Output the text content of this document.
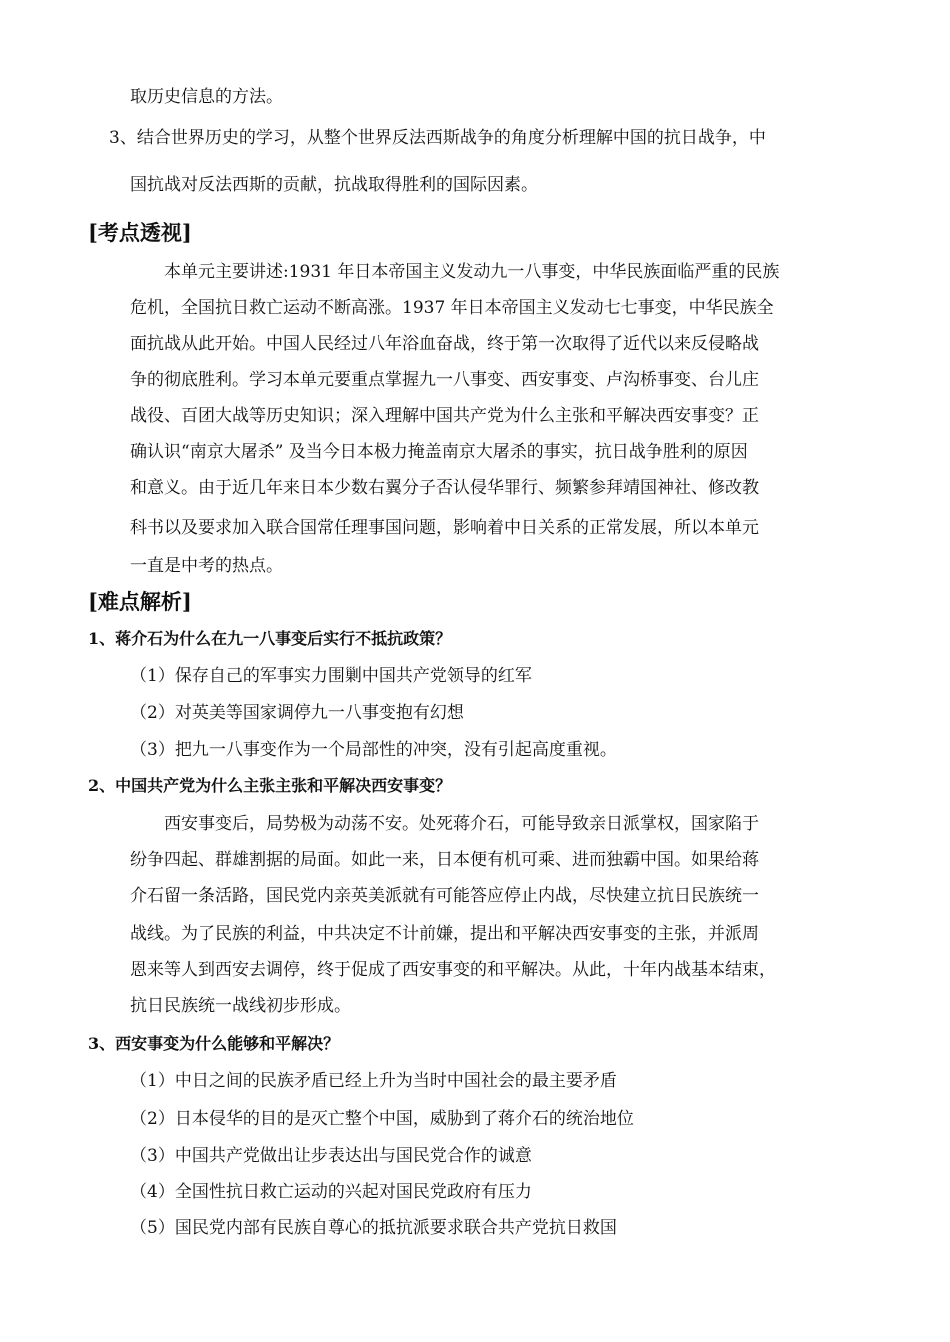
取历史信息的方法。
3、结合世界历史的学习，从整个世界反法西斯战争的角度分析理解中国的抗日战争，中
国抗战对反法西斯的贡献，抗战取得胜利的国际因素。
[考点透视]
本单元主要讲述:1931 年日本帝国主义发动九一八事变，中华民族面临严重的民族
危机，全国抗日救亡运动不断高涨。1937 年日本帝国主义发动七七事变，中华民族全
面抗战从此开始。中国人民经过八年浴血奋战，终于第一次取得了近代以来反侵略战
争的彻底胜利。学习本单元要重点掌握九一八事变、西安事变、卢沟桥事变、台儿庄
战役、百团大战等历史知识；深入理解中国共产党为什么主张和平解决西安事变？正
确认识“南京大屠杀” 及当今日本极力掩盖南京大屠杀的事实，抗日战争胜利的原因
和意义。由于近几年来日本少数右翼分子否认侵华罪行、频繁参拜靖国神社、修改教
科书以及要求加入联合国常任理事国问题，影响着中日关系的正常发展，所以本单元
一直是中考的热点。
[难点解析]
1、蒋介石为什么在九一八事变后实行不抵抗政策？
（1）保存自己的军事实力围剿中国共产党领导的红军
（2）对英美等国家调停九一八事变抱有幻想
（3）把九一八事变作为一个局部性的冲突，没有引起高度重视。
2、中国共产党为什么主张主张和平解决西安事变？
西安事变后，局势极为动荡不安。处死蒋介石，可能导致亲日派掌权，国家陷于
纷争四起、群雄割据的局面。如此一来，日本便有机可乘、进而独霸中国。如果给蒋
介石留一条活路，国民党内亲英美派就有可能答应停止内战，尽快建立抗日民族统一
战线。为了民族的利益，中共决定不计前嫌，提出和平解决西安事变的主张，并派周
恩来等人到西安去调停，终于促成了西安事变的和平解决。从此，十年内战基本结束，
抗日民族统一战线初步形成。
3、西安事变为什么能够和平解决？
（1）中日之间的民族矛盾已经上升为当时中国社会的最主要矛盾
（2）日本侵华的目的是灭亡整个中国，威胁到了蒋介石的统治地位
（3）中国共产党做出让步表达出与国民党合作的诚意
（4）全国性抗日救亡运动的兴起对国民党政府有压力
（5）国民党内部有民族自尊心的抵抗派要求联合共产党抗日救国
